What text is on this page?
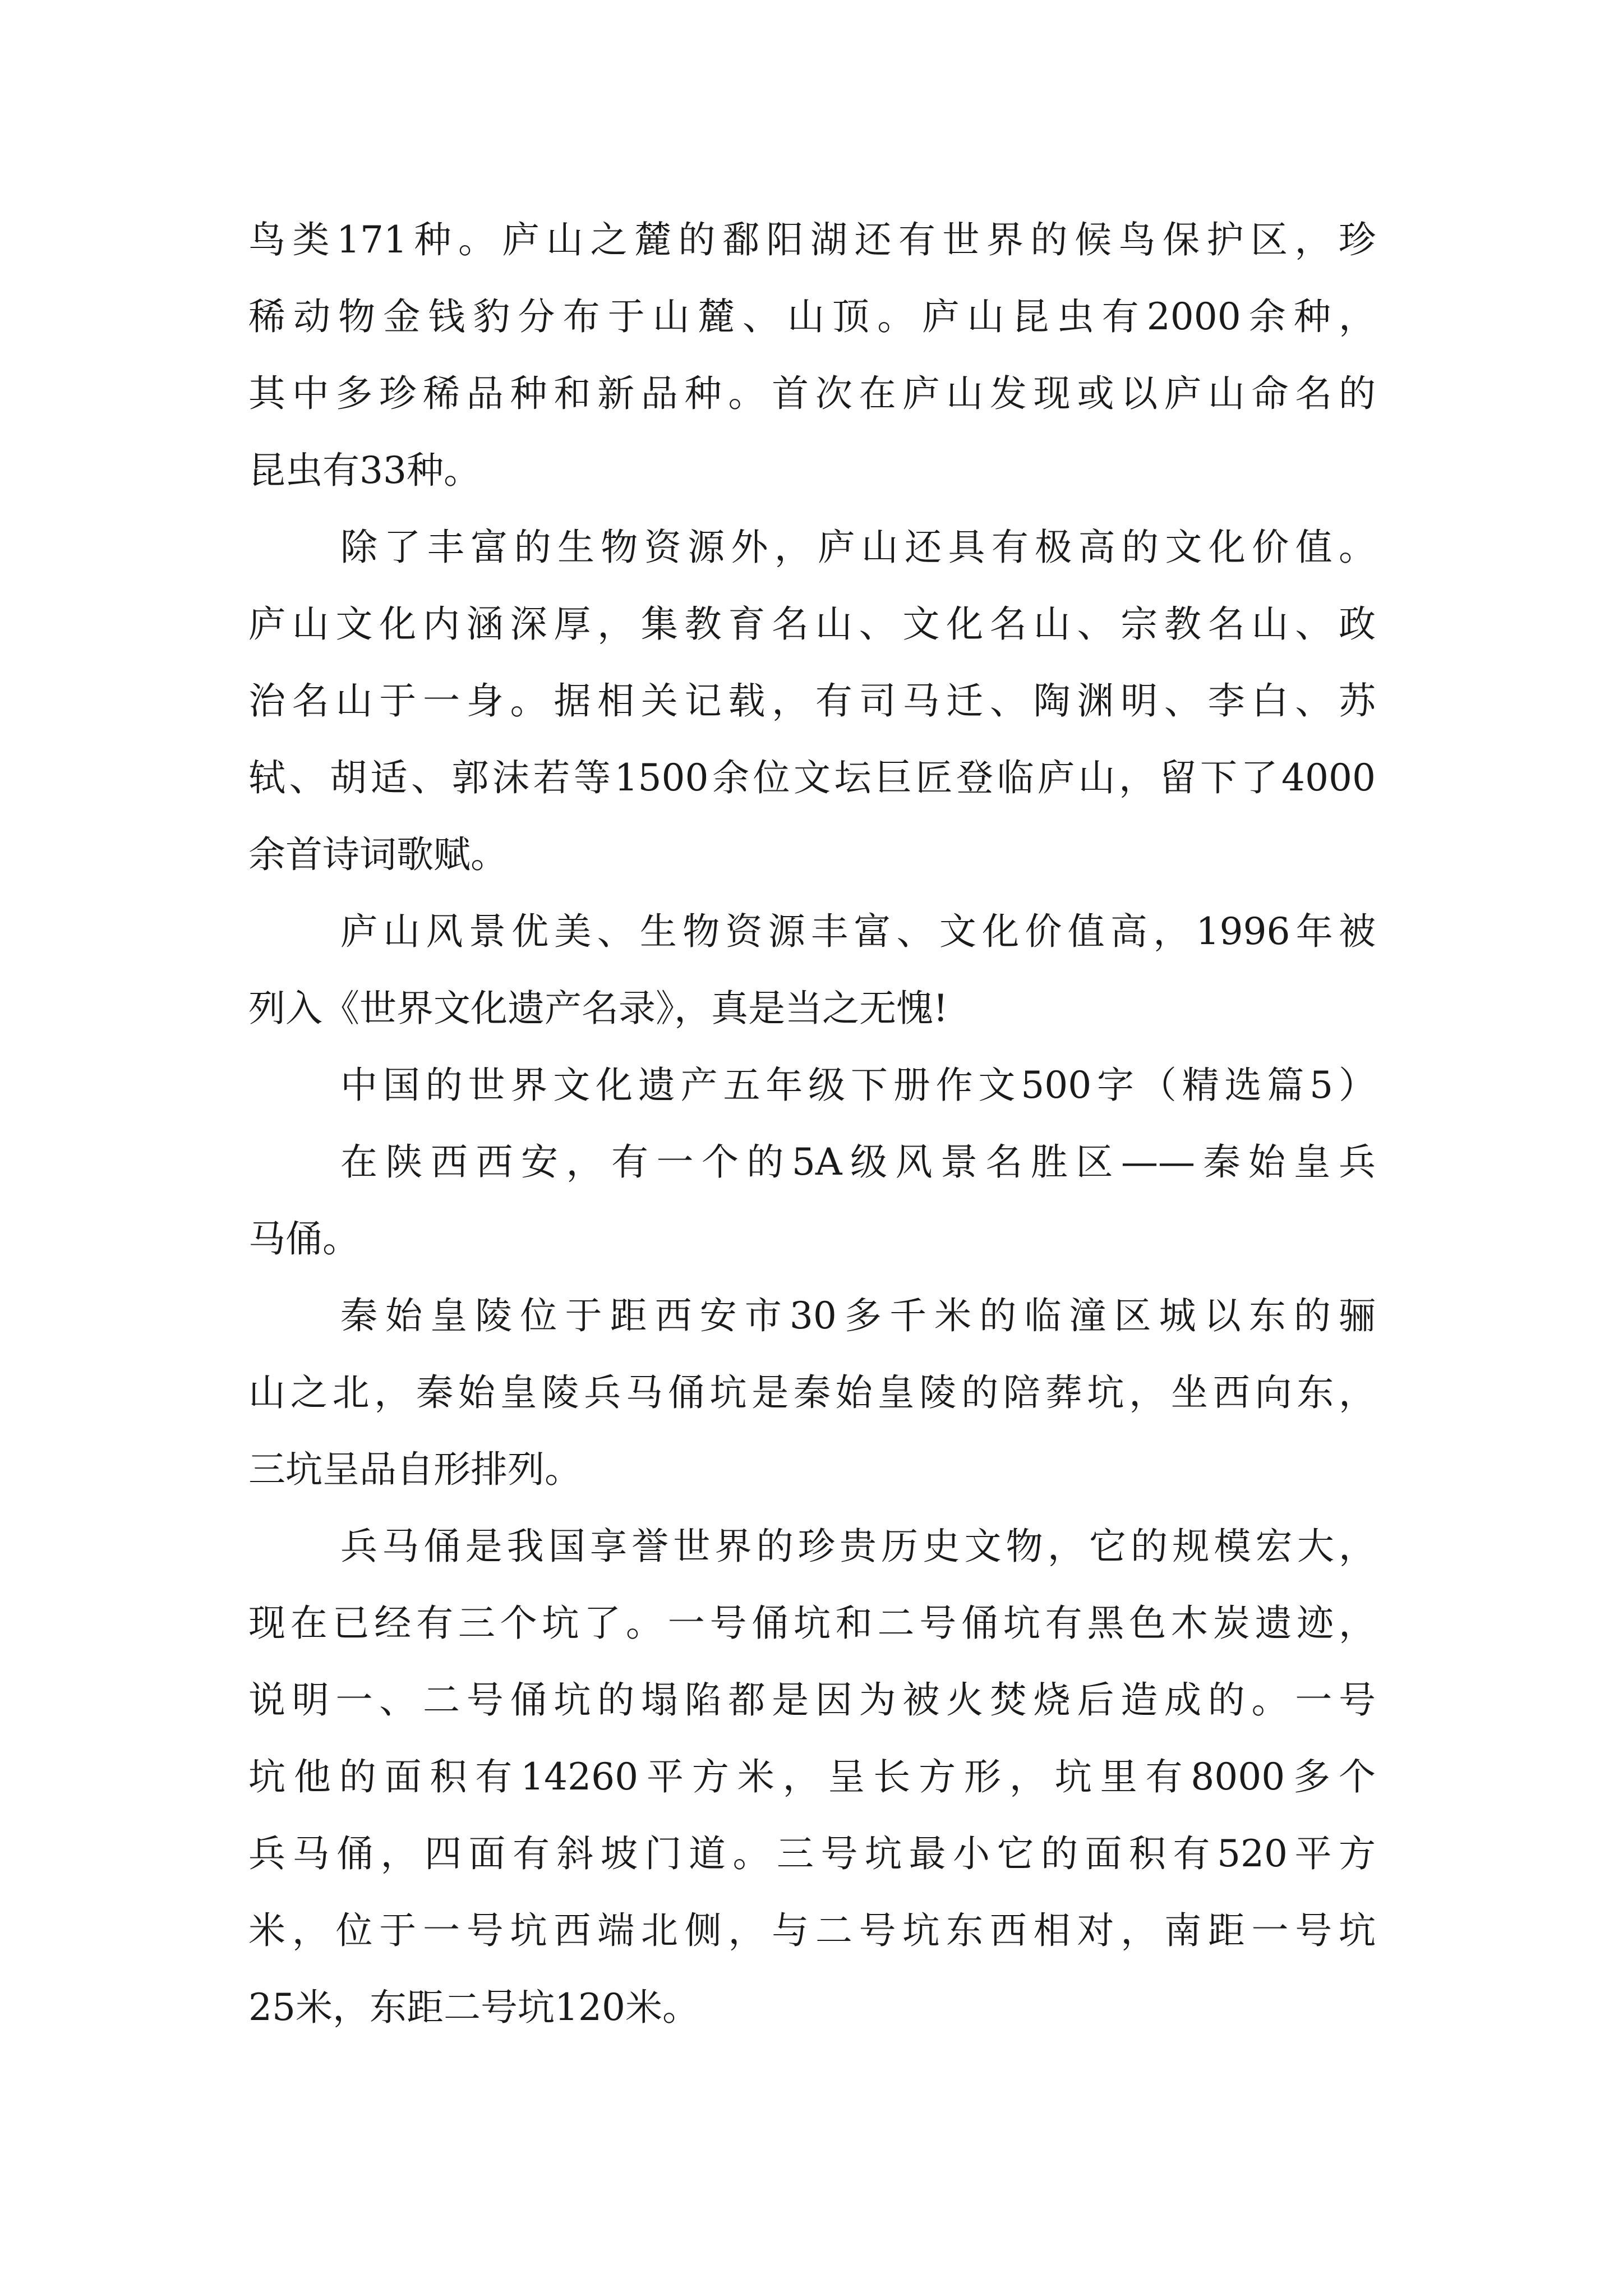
鸟类171种。庐山之麓的鄱阳湖还有世界的候鸟保护区，珍
稀动物金钱豹分布于山麓、山顶。庐山昆虫有2000余种，
其中多珍稀品种和新品种。首次在庐山发现或以庐山命名的
昆虫有33种。
除了丰富的生物资源外，庐山还具有极高的文化价值。
庐山文化内涵深厚，集教育名山、文化名山、宗教名山、政
治名山于一身。据相关记载，有司马迁、陶渊明、李白、苏
轼、胡适、郭沫若等1500余位文坛巨匠登临庐山，留下了4000
余首诗词歌赋。
庐山风景优美、生物资源丰富、文化价值高，1996年被
列入《世界文化遗产名录》，真是当之无愧!
中国的世界文化遗产五年级下册作文500字（精选篇5）
在陕西西安，有一个的5A级风景名胜区——秦始皇兵
马俑。
秦始皇陵位于距西安市30多千米的临潼区城以东的骊
山之北，秦始皇陵兵马俑坑是秦始皇陵的陪葬坑，坐西向东，
三坑呈品自形排列。
兵马俑是我国享誉世界的珍贵历史文物，它的规模宏大，
现在已经有三个坑了。一号俑坑和二号俑坑有黑色木炭遗迹，
说明一、二号俑坑的塌陷都是因为被火焚烧后造成的。一号
坑他的面积有14260平方米，呈长方形，坑里有8000多个
兵马俑，四面有斜坡门道。三号坑最小它的面积有520平方
米，位于一号坑西端北侧，与二号坑东西相对，南距一号坑
25米，东距二号坑120米。
